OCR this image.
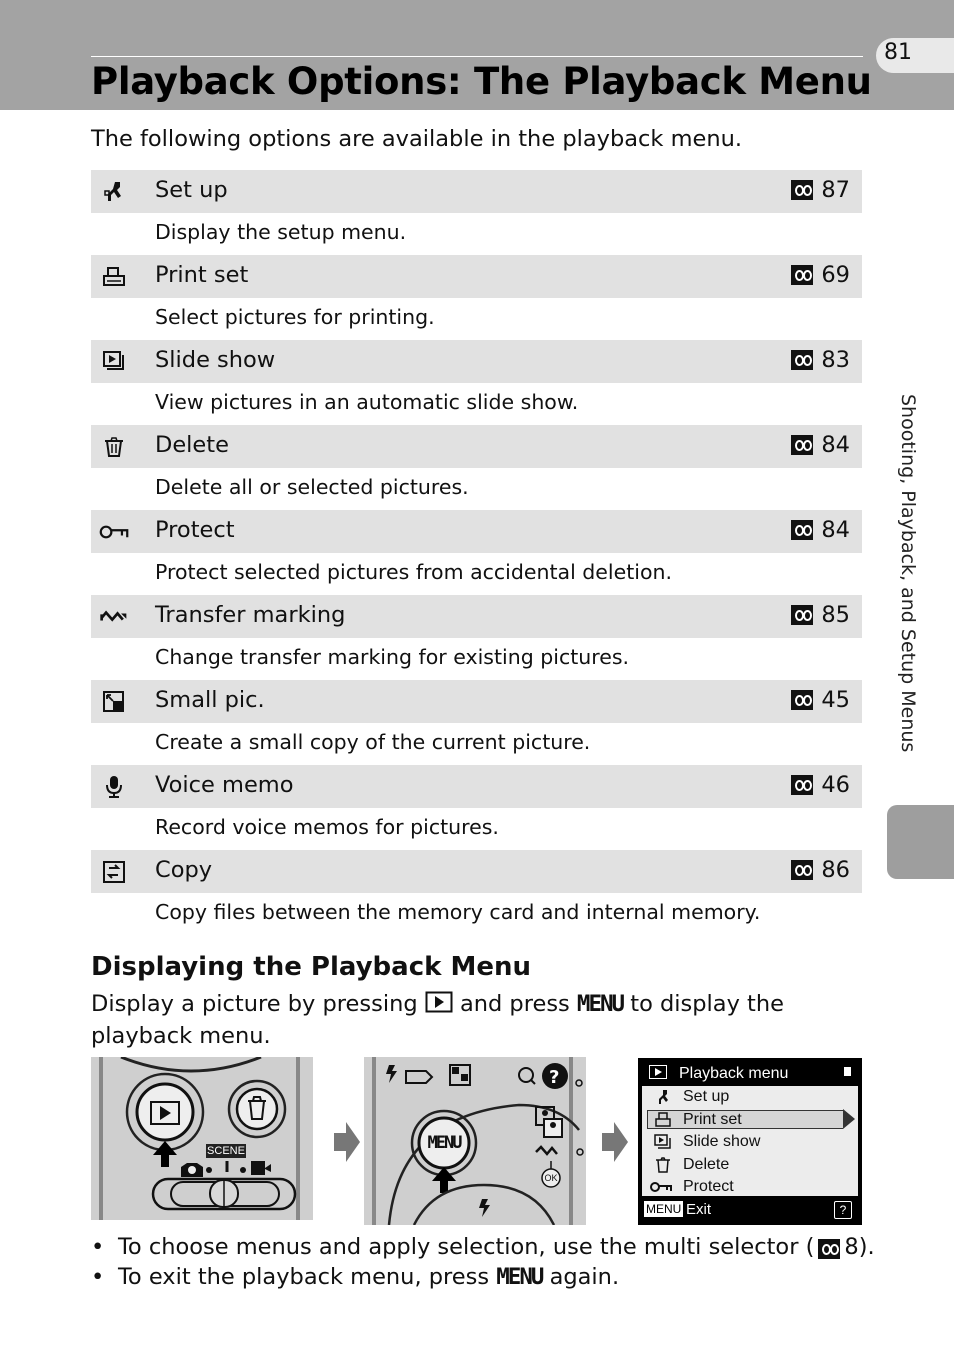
81
Playback Options: The Playback Menu
The following options are available in the playback menu.
Shooting, Playback, and Setup Menus
Set up	87
Display the setup menu.
Print set	69
Select pictures for printing.
Slide show	83
View pictures in an automatic slide show.
Delete	84
Delete all or selected pictures.
Protect	84
Protect selected pictures from accidental deletion.
Transfer marking	85
Change transfer marking for existing pictures.
Small pic.	45
Create a small copy of the current picture.
Voice memo	46
Record voice memos for pictures.
Copy	86
Copy files between the memory card and internal memory.
Displaying the Playback Menu
Display a picture by pressing and press MENU to display the playback menu.
SCENE
?
MENU
OK
Playback menu
Set up
Print set
Slide show
Delete
Protect
MENU Exit	?
• To choose menus and apply selection, use the multi selector ( 8).
• To exit the playback menu, press MENU again.
